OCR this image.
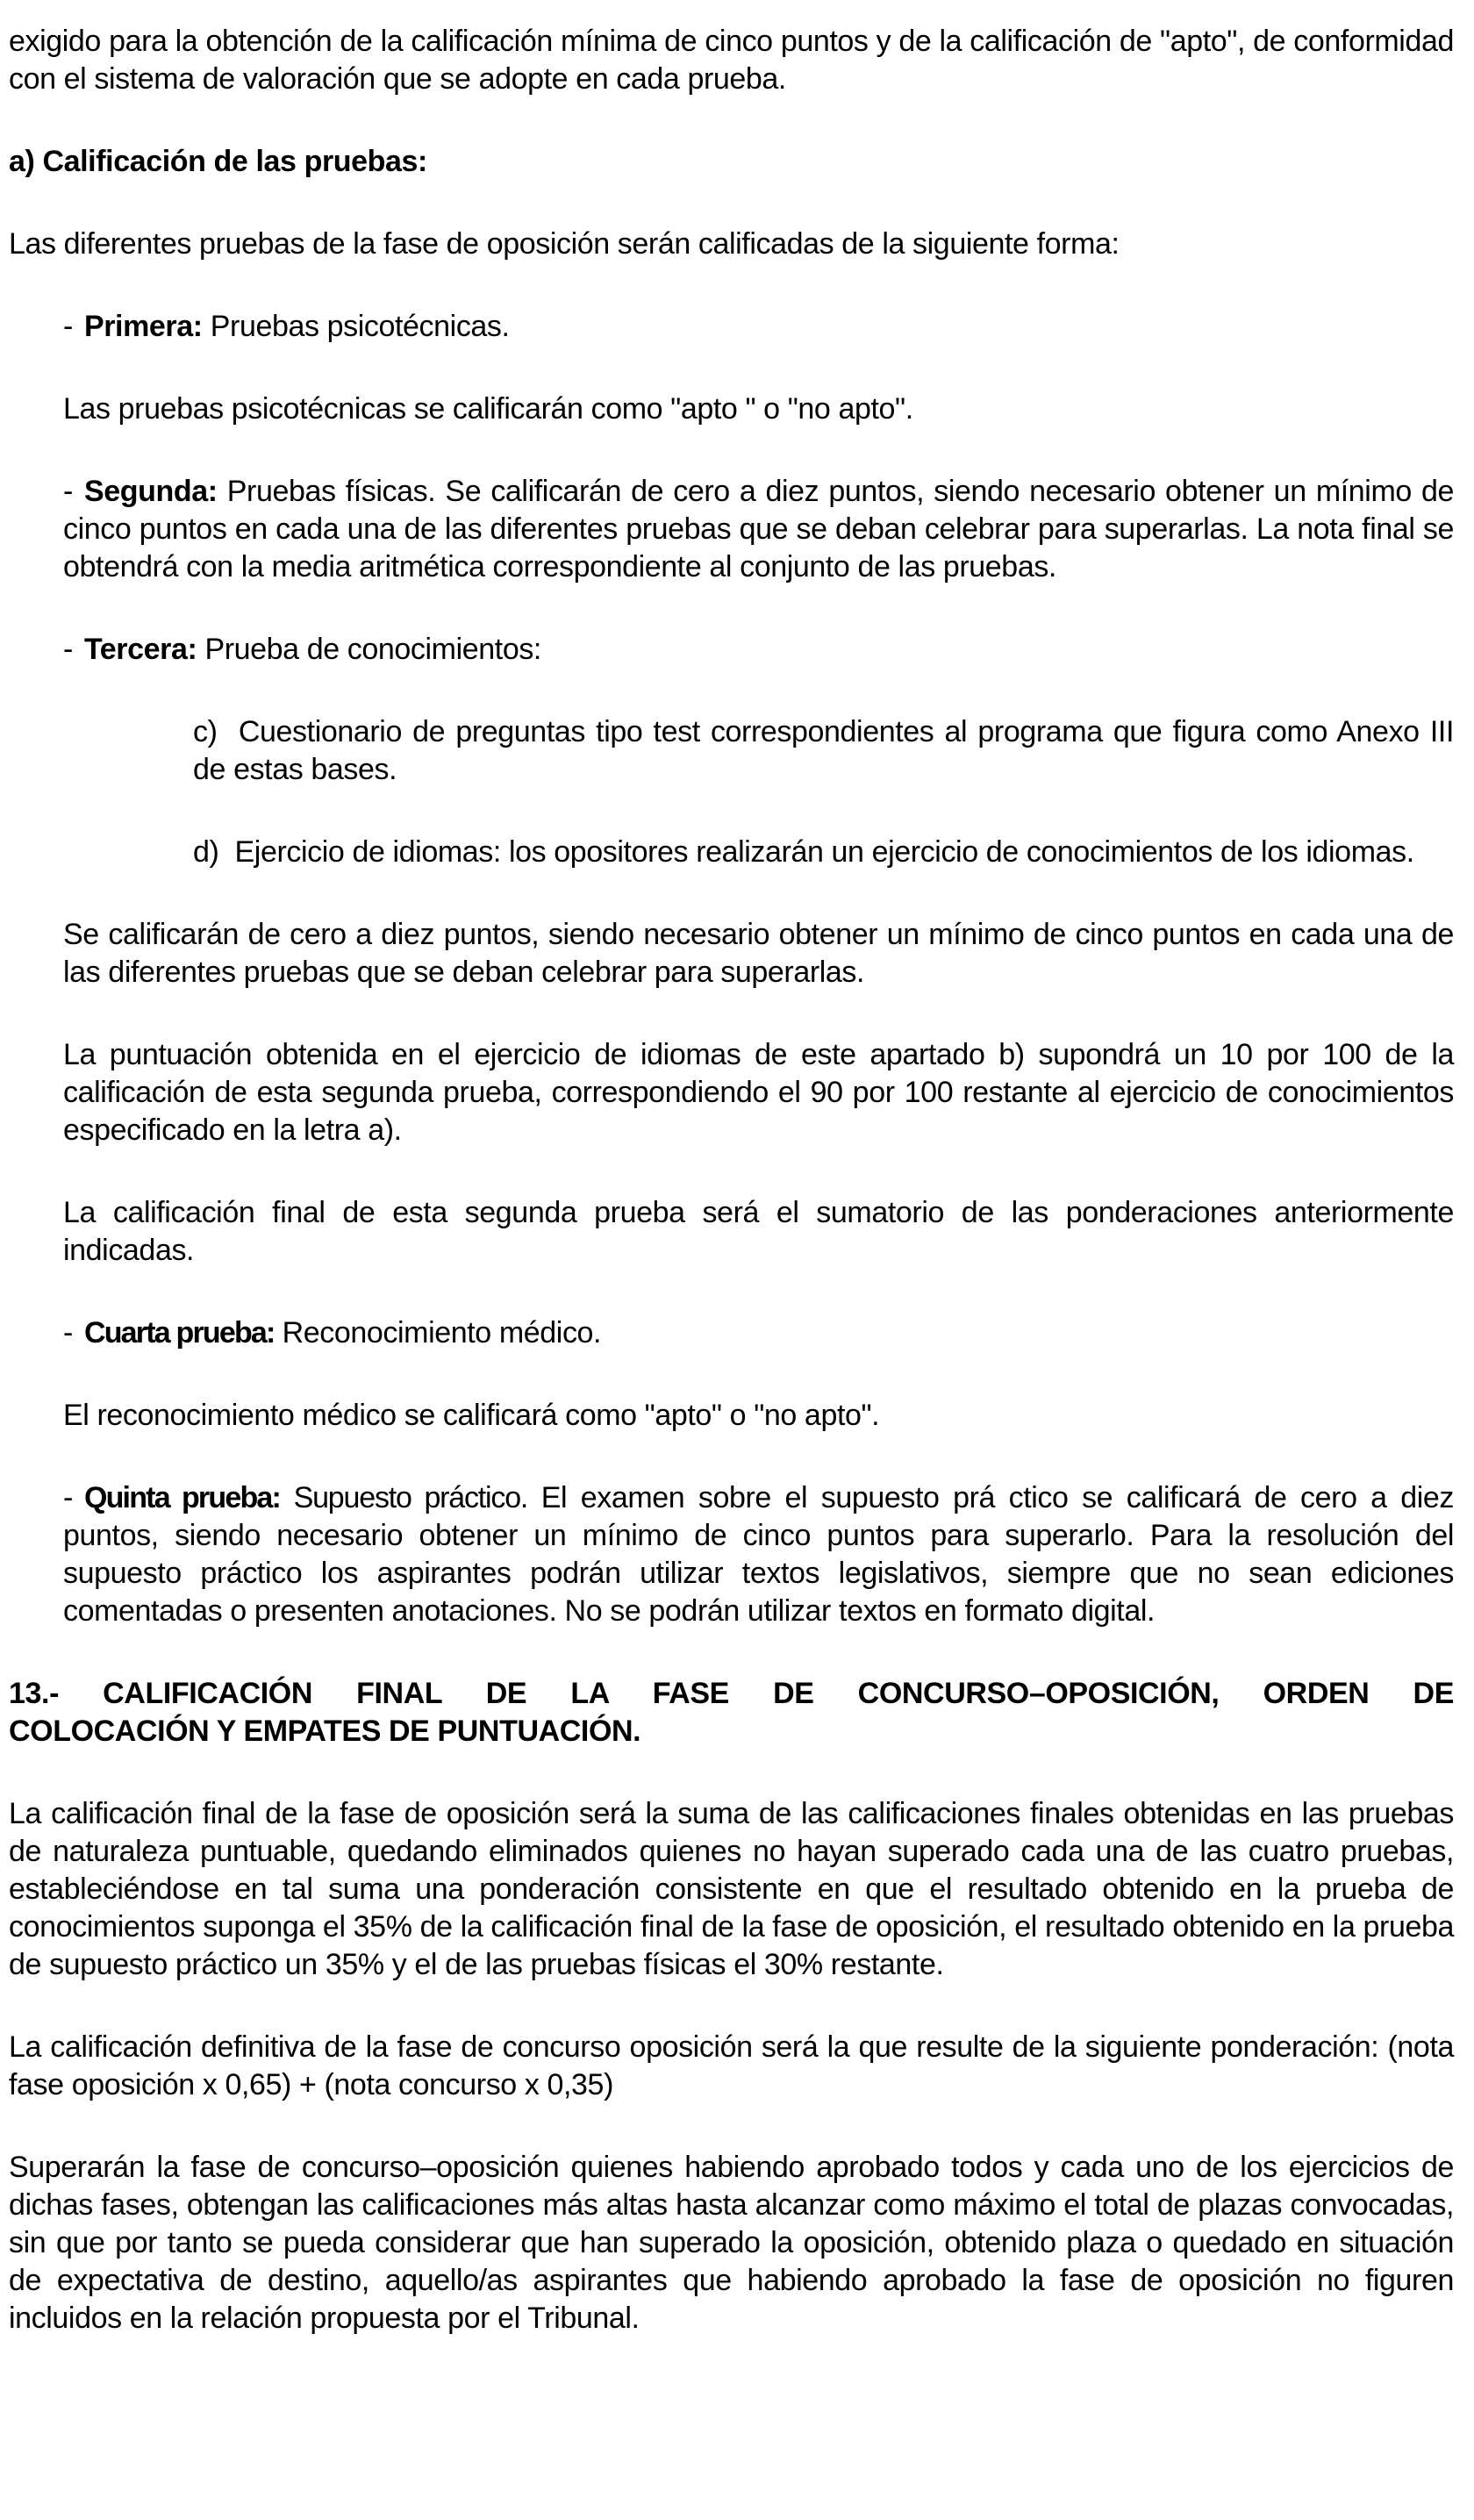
exigido para la obtención de la calificación mínima de cinco puntos y de la calificación de "apto", de conformidad con el sistema de valoración que se adopte en cada prueba.

a) Calificación de las pruebas:

Las diferentes pruebas de la fase de oposición serán calificadas de la siguiente forma:

- Primera: Pruebas psicotécnicas.

Las pruebas psicotécnicas se calificarán como "apto " o "no apto".

- Segunda: Pruebas físicas. Se calificarán de cero a diez puntos, siendo necesario obtener un mínimo de cinco puntos en cada una de las diferentes pruebas que se deban celebrar para superarlas. La nota final se obtendrá con la media aritmética correspondiente al conjunto de las pruebas.

- Tercera: Prueba de conocimientos:

c)  Cuestionario de preguntas tipo test correspondientes al programa que figura como Anexo III de estas bases.

d)  Ejercicio de idiomas: los opositores realizarán un ejercicio de conocimientos de los idiomas.

Se calificarán de cero a diez puntos, siendo necesario obtener un mínimo de cinco puntos en cada una de las diferentes pruebas que se deban celebrar para superarlas.

La puntuación obtenida en el ejercicio de idiomas de este apartado b) supondrá un 10 por 100 de la calificación de esta segunda prueba, correspondiendo el 90 por 100 restante al ejercicio de conocimientos especificado en la letra a).

La calificación final de esta segunda prueba será el sumatorio de las ponderaciones anteriormente indicadas.

- Cuarta prueba: Reconocimiento médico.

El reconocimiento médico se calificará como "apto" o "no apto".

- Quinta prueba: Supuesto práctico. El examen sobre el supuesto prá ctico se calificará de cero a diez puntos, siendo necesario obtener un mínimo de cinco puntos para superarlo. Para la resolución del supuesto práctico los aspirantes podrán utilizar textos legislativos, siempre que no sean ediciones comentadas o presenten anotaciones. No se podrán utilizar textos en formato digital.

13.- CALIFICACIÓN FINAL DE LA FASE DE CONCURSO–OPOSICIÓN, ORDEN DE
COLOCACIÓN Y EMPATES DE PUNTUACIÓN.

La calificación final de la fase de oposición será la suma de las calificaciones finales obtenidas en las pruebas de naturaleza puntuable, quedando eliminados quienes no hayan superado cada una de las cuatro pruebas, estableciéndose en tal suma una ponderación consistente en que el resultado obtenido en la prueba de conocimientos suponga el 35% de la calificación final de la fase de oposición, el resultado obtenido en la prueba de supuesto práctico un 35% y el de las pruebas físicas el 30% restante.

La calificación definitiva de la fase de concurso oposición será la que resulte de la siguiente ponderación: (nota fase oposición x 0,65) + (nota concurso x 0,35)

Superarán la fase de concurso–oposición quienes habiendo aprobado todos y cada uno de los ejercicios de dichas fases, obtengan las calificaciones más altas hasta alcanzar como máximo el total de plazas convocadas, sin que por tanto se pueda considerar que han superado la oposición, obtenido plaza o quedado en situación de expectativa de destino, aquello/as aspirantes que habiendo aprobado la fase de oposición no figuren incluidos en la relación propuesta por el Tribunal.
